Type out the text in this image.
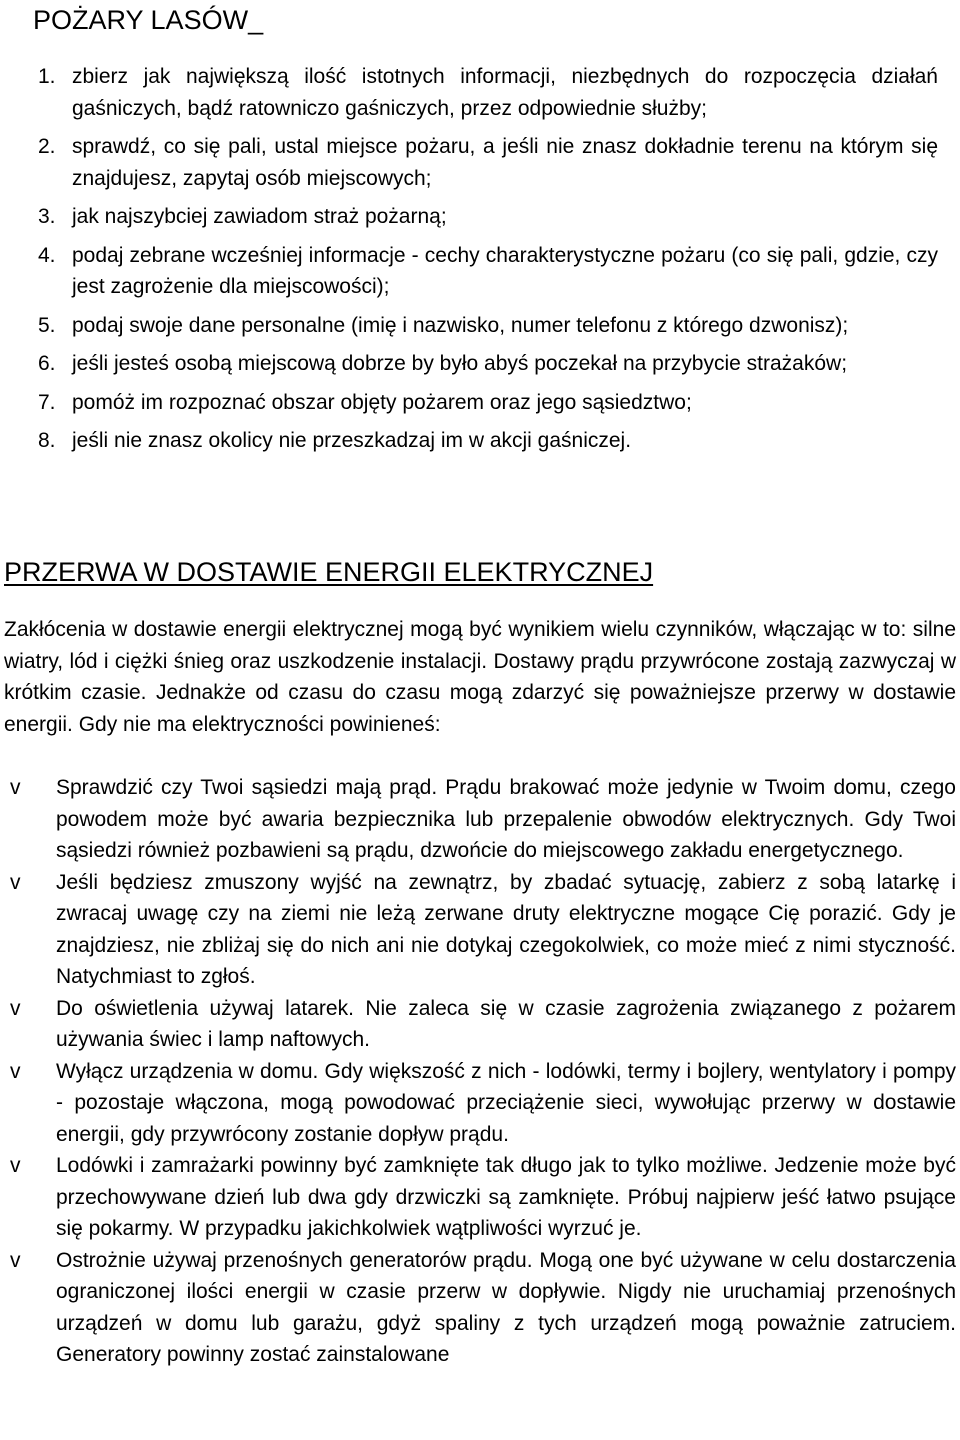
POŻARY LASÓW_
1. zbierz jak największą ilość istotnych informacji, niezbędnych do rozpoczęcia działań gaśniczych, bądź ratowniczo gaśniczych, przez odpowiednie służby;
2. sprawdź, co się pali, ustal miejsce pożaru, a jeśli nie znasz dokładnie terenu na którym się znajdujesz, zapytaj osób miejscowych;
3. jak najszybciej zawiadom straż pożarną;
4. podaj zebrane wcześniej informacje - cechy charakterystyczne pożaru (co się pali, gdzie, czy jest zagrożenie dla miejscowości);
5. podaj swoje dane personalne (imię i nazwisko, numer telefonu z którego dzwonisz);
6. jeśli jesteś osobą miejscową dobrze by było abyś poczekał na przybycie strażaków;
7. pomóż im rozpoznać obszar objęty pożarem oraz jego sąsiedztwo;
8. jeśli nie znasz okolicy nie przeszkadzaj im w akcji gaśniczej.
PRZERWA W DOSTAWIE ENERGII ELEKTRYCZNEJ

Zakłócenia w dostawie energii elektrycznej mogą być wynikiem wielu czynników, włączając w to: silne wiatry, lód i ciężki śnieg oraz uszkodzenie instalacji. Dostawy prądu przywrócone zostają zazwyczaj w krótkim czasie. Jednakże od czasu do czasu mogą zdarzyć się poważniejsze przerwy w dostawie energii. Gdy nie ma elektryczności powinieneś:

v Sprawdzić czy Twoi sąsiedzi mają prąd. Prądu brakować może jedynie w Twoim domu, czego powodem może być awaria bezpiecznika lub przepalenie obwodów elektrycznych. Gdy Twoi sąsiedzi również pozbawieni są prądu, dzwońcie do miejscowego zakładu energetycznego.
v Jeśli będziesz zmuszony wyjść na zewnątrz, by zbadać sytuację, zabierz z sobą latarkę i zwracaj uwagę czy na ziemi nie leżą zerwane druty elektryczne mogące Cię porazić. Gdy je znajdziesz, nie zbliżaj się do nich ani nie dotykaj czegokolwiek, co może mieć z nimi styczność. Natychmiast to zgłoś.
v Do oświetlenia używaj latarek. Nie zaleca się w czasie zagrożenia związanego z pożarem używania świec i lamp naftowych.
v Wyłącz urządzenia w domu. Gdy większość z nich - lodówki, termy i bojlery, wentylatory i pompy - pozostaje włączona, mogą powodować przeciążenie sieci, wywołując przerwy w dostawie energii, gdy przywrócony zostanie dopływ prądu.
v Lodówki i zamrażarki powinny być zamknięte tak długo jak to tylko możliwe. Jedzenie może być przechowywane dzień lub dwa gdy drzwiczki są zamknięte. Próbuj najpierw jeść łatwo psujące się pokarmy. W przypadku jakichkolwiek wątpliwości wyrzuć je.
v Ostrożnie używaj przenośnych generatorów prądu. Mogą one być używane w celu dostarczenia ograniczonej ilości energii w czasie przerw w dopływie. Nigdy nie uruchamiaj przenośnych urządzeń w domu lub garażu, gdyż spaliny z tych urządzeń mogą poważnie zatruciem. Generatory powinny zostać zainstalowane
